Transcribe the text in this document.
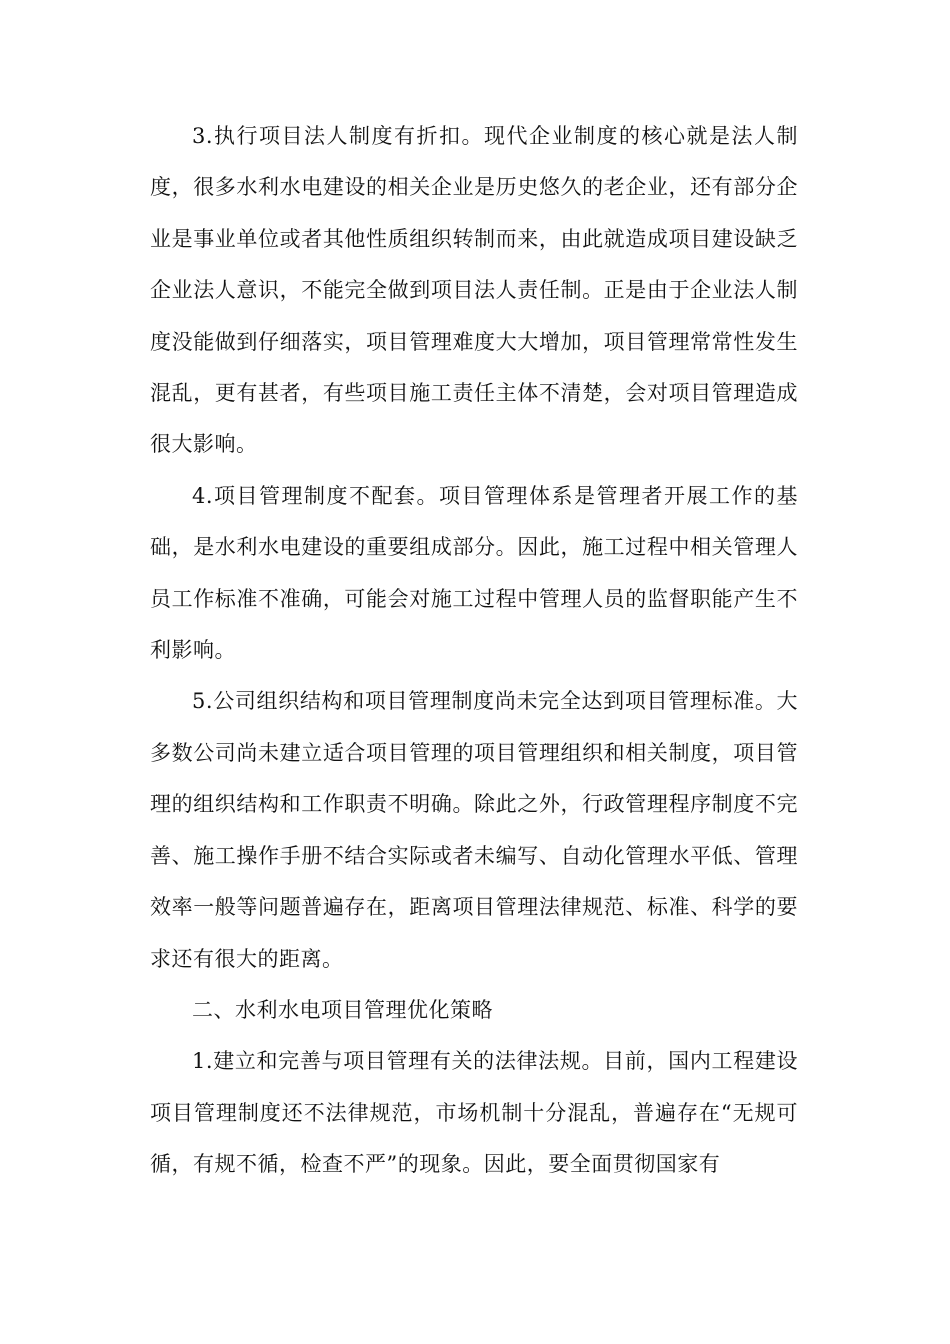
3.执行项目法人制度有折扣。现代企业制度的核心就是法人制度，很多水利水电建设的相关企业是历史悠久的老企业，还有部分企业是事业单位或者其他性质组织转制而来，由此就造成项目建设缺乏企业法人意识，不能完全做到项目法人责任制。正是由于企业法人制度没能做到仔细落实，项目管理难度大大增加，项目管理常常性发生混乱，更有甚者，有些项目施工责任主体不清楚，会对项目管理造成很大影响。

4.项目管理制度不配套。项目管理体系是管理者开展工作的基础，是水利水电建设的重要组成部分。因此，施工过程中相关管理人员工作标准不准确，可能会对施工过程中管理人员的监督职能产生不利影响。

5.公司组织结构和项目管理制度尚未完全达到项目管理标准。大多数公司尚未建立适合项目管理的项目管理组织和相关制度，项目管理的组织结构和工作职责不明确。除此之外，行政管理程序制度不完善、施工操作手册不结合实际或者未编写、自动化管理水平低、管理效率一般等问题普遍存在，距离项目管理法律规范、标准、科学的要求还有很大的距离。

二、水利水电项目管理优化策略

1.建立和完善与项目管理有关的法律法规。目前，国内工程建设项目管理制度还不法律规范，市场机制十分混乱，普遍存在“无规可循，有规不循，检查不严”的现象。因此，要全面贯彻国家有
